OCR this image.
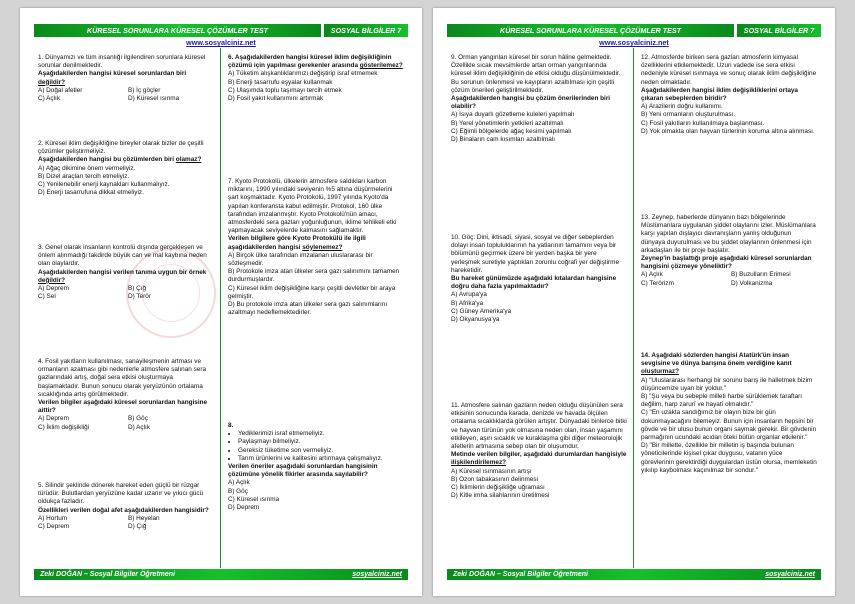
KÜRESEL SORUNLARA KÜRESEL ÇÖZÜMLER TEST	SOSYAL BİLGİLER 7
www.sosyalciniz.net

1. Dünyamızı ve tüm insanlığı ilgilendiren sorunlara küresel sorunlar denilmektedir.

Aşağıdakilerden hangisi küresel sorunlardan biri değildir?

A) Doğal afetler	B) İç göçler
C) Açlık	D) Küresel ısınma

2. Küresel iklim değişikliğine bireyler olarak bizler de çeşitli çözümler geliştirmeliyiz.

Aşağıdakilerden hangisi bu çözümlerden biri olamaz?

A) Ağaç dikimine önem vermeliyiz.

B) Dizel araçları tercih etmeliyiz.

C) Yenilenebilir enerji kaynakları kullanmalıyız.

D) Enerji tasarrufuna dikkat etmeliyiz.

3. Genel olarak insanların kontrolü dışında gerçekleşen ve önlem alınmadığı takdirde büyük can ve mal kaybına neden olan olaylardır.

Aşağıdakilerden hangisi verilen tanıma uygun bir örnek değildir?

A) Deprem	B) Çığ
C) Sel	D) Terör

4. Fosil yakıtların kullanılması, sanayileşmenin artması ve ormanların azalması gibi nedenlerle atmosfere salınan sera gazlarındaki artış, doğal sera etkisi oluşturmaya başlamaktadır. Bunun sonucu olarak yeryüzünün ortalama sıcaklığında artış görülmektedir.

Verilen bilgiler aşağıdaki küresel sorunlardan hangisine aittir?

A) Deprem	B) Göç
C) İklim değişikliği	D) Açlık

5. Silindir şeklinde dönerek hareket eden güçlü bir rüzgar türüdür. Bulutlardan yeryüzüne kadar uzanır ve yıkıcı gücü oldukça fazladır.

Özellikleri verilen doğal afet aşağıdakilerden hangisidir?

A) Hortum	B) Heyelan
C) Deprem	D) Çığ

6. Aşağıdakilerden hangisi küresel iklim değişikliğinin çözümü için yapılması gerekenler arasında gösterilemez?

A) Tüketim alışkanlıklarımızı değiştirip israf etmemek

B) Enerji tasarrufu eşyalar kullanmak

C) Ulaşımda toplu taşımayı tercih etmek

D) Fosil yakıt kullanımını artırmak

7. Kyoto Protokolü, ülkelerin atmosfere saldıkları karbon miktarını, 1990 yılındaki seviyenin %5 altına düşürmelerini şart koşmaktadır. Kyoto Protokolü, 1997 yılında Kyoto'da yapılan konferansta kabul edilmiştir. Protokol, 160 ülke tarafından imzalanmıştır. Kyoto Protokolü'nün amacı, atmosferdeki sera gazları yoğunluğunun, iklime tehlikeli etki yapmayacak seviyelerde kalmasını sağlamaktır.

Verilen bilgilere göre Kyoto Protokülü ile ilgili aşağıdakilerden hangisi söylenemez?

A) Birçok ülke tarafından imzalanan uluslararası bir sözleşmedir.

B) Protokole imza atan ülkeler sera gazı salınımını tamamen durdurmuşlardır.

C) Küresel iklim değişikliğine karşı çeşitli devletler bir araya gelmiştir.

D) Bu protokole imza atan ülkeler sera gazı salınımlarını azaltmayı hedeflemektedirler.

8.

• Yediklerimizi israf etmemeliyiz.
• Paylaşmayı bilmeliyiz.
• Gereksiz tüketime son vermeliyiz.
• Tarım ürünlerini ve kalitesini artırmaya çalışmalıyız.

Verilen öneriler aşağıdaki sorunlardan hangisinin çözümüne yönelik fikirler arasında sayılabilir?

A) Açlık

B) Göç

C) Küresel ısınma

D) Deprem

Zeki DOĞAN – Sosyal Bilgiler Öğretmeni	sosyalciniz.net
KÜRESEL SORUNLARA KÜRESEL ÇÖZÜMLER TEST	SOSYAL BİLGİLER 7
www.sosyalciniz.net

9. Orman yangınları küresel bir sorun hâline gelmektedir. Özellikle sıcak mevsimlerde artan orman yangınlarında küresel iklim değişikliğinin de etkisi olduğu düşünülmektedir. Bu sorunun önlenmesi ve kayıpların azaltılması için çeşitli çözüm önerileri geliştirilmektedir.

Aşağıdakilerden hangisi bu çözüm önerilerinden biri olabilir?

A) Isıya duyarlı gözetleme kuleleri yapılmalı

B) Yerel yönetimlerin yetkileri azaltılmalı

C) Eğimli bölgelerde ağaç kesimi yapılmalı

D) Binaların cam kısımları azaltılmalı

10. Göç: Dini, iktisadi, siyasi, sosyal ve diğer sebeplerden dolayı insan topluluklarının ha yatlarının tamamını veya bir bölümünü geçirmek üzere bir yerden başka bir yere yerleşmek suretiyle yaptıkları zorunlu coğrafi yer değiştirme hareketidir.

Bu hareket günümüzde aşağıdaki kıtalardan hangisine doğru daha fazla yapılmaktadır?

A) Avrupa'ya

B) Afrika'ya

C) Güney Amerika'ya

D) Okyanusya'ya

11. Atmosfere salınan gazların neden olduğu düşünülen sera etkisinin sonucunda karada, denizde ve havada ölçülen ortalama sıcaklıklarda görülen artıştır. Dünyadaki binlerce bitki ve hayvan türünün yok olmasına neden olan, insan yaşamını etkileyen, aşırı sıcaklık ve kuraklaşma gibi diğer meteorolojik afetlerin artmasına sebep olan bir oluşumdur.

Metinde verilen bilgiler, aşağıdaki durumlardan hangisiyle ilişkilendirilemez?

A) Küresel ısınmasının artışı

B) Ozon tabakasının delinmesi

C) İklimlerin değişikliğe uğraması

D) Kitle imha silahlarının üretilmesi

12. Atmosferde biriken sera gazları atmosferin kimyasal özelliklerini etkilemektedir. Uzun vadede ise sera etkisi nedeniyle küresel ısınmaya ve sonuç olarak iklim değişikliğine neden olmaktadır.

Aşağıdakilerden hangisi iklim değişikliklerini ortaya çıkaran sebeplerden biridir?

A) Arazilerin doğru kullanımı.

B) Yeni ormanların oluşturulması.

C) Fosil yakıtların kullanılmaya başlanması.

D) Yok olmakta olan hayvan türlerinin koruma altına alınması.

13. Zeynep, haberlerde dünyanın bazı bölgelerinde Müslümanlara uygulanan şiddet olaylarını izler. Müslümanlara karşı yapılan dışlayıcı davranışların yanlış olduğunun dünyaya duyurulması ve bu şiddet olaylarının önlenmesi için arkadaşları ile bir proje başlatır.

Zeynep'in başlattığı proje aşağıdaki küresel sorunlardan hangisini çözmeye yöneliktir?

A) Açlık	B) Buzulların Erimesi
C) Terörizm	D) Volkanizma

14. Aşağıdaki sözlerden hangisi Atatürk'ün insan sevgisine ve dünya barışına önem verdiğine kanıt oluşturmaz?

A) "Uluslararası herhangi bir sorunu barış ile halletmek bizim düşüncemize uyan bir yoldur."

B) "Şu veya bu sebeple milleti harbe sürüklemek taraftarı değilim, harp zarurî ve hayatî olmalıdır."

C) "En uzakta sandığımız bir olayın bize bir gün dokunmayacağını bilemeyiz. Bunun için insanların hepsini bir gövde ve bir ulusu bunun organı saymak gerekir. Bir gövdenin parmağının ucundaki acıdan öteki bütün organlar etkilenir."

D) "Bir millette, özellikle bir milletin iş başında bulunan yöneticilerinde kişisel çıkar duygusu, vatanın yüce görevlerinin gerektirdiği duygulardan üstün olursa, memleketin yıkılıp kaybolması kaçınılmaz bir sondur."

Zeki DOĞAN – Sosyal Bilgiler Öğretmeni	sosyalciniz.net
